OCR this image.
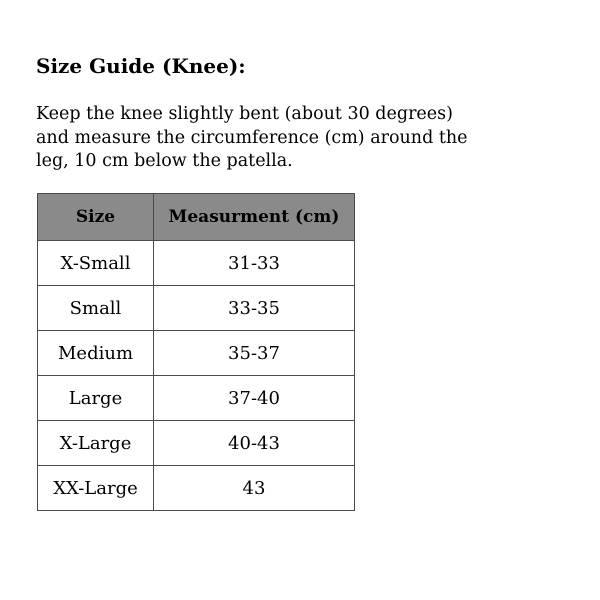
Size Guide (Knee):
Keep the knee slightly bent (about 30 degrees)
and measure the circumference (cm) around the
leg, 10 cm below the patella.
Size	Measurment (cm)
X-Small	31-33
Small	33-35
Medium	35-37
Large	37-40
X-Large	40-43
XX-Large	43
